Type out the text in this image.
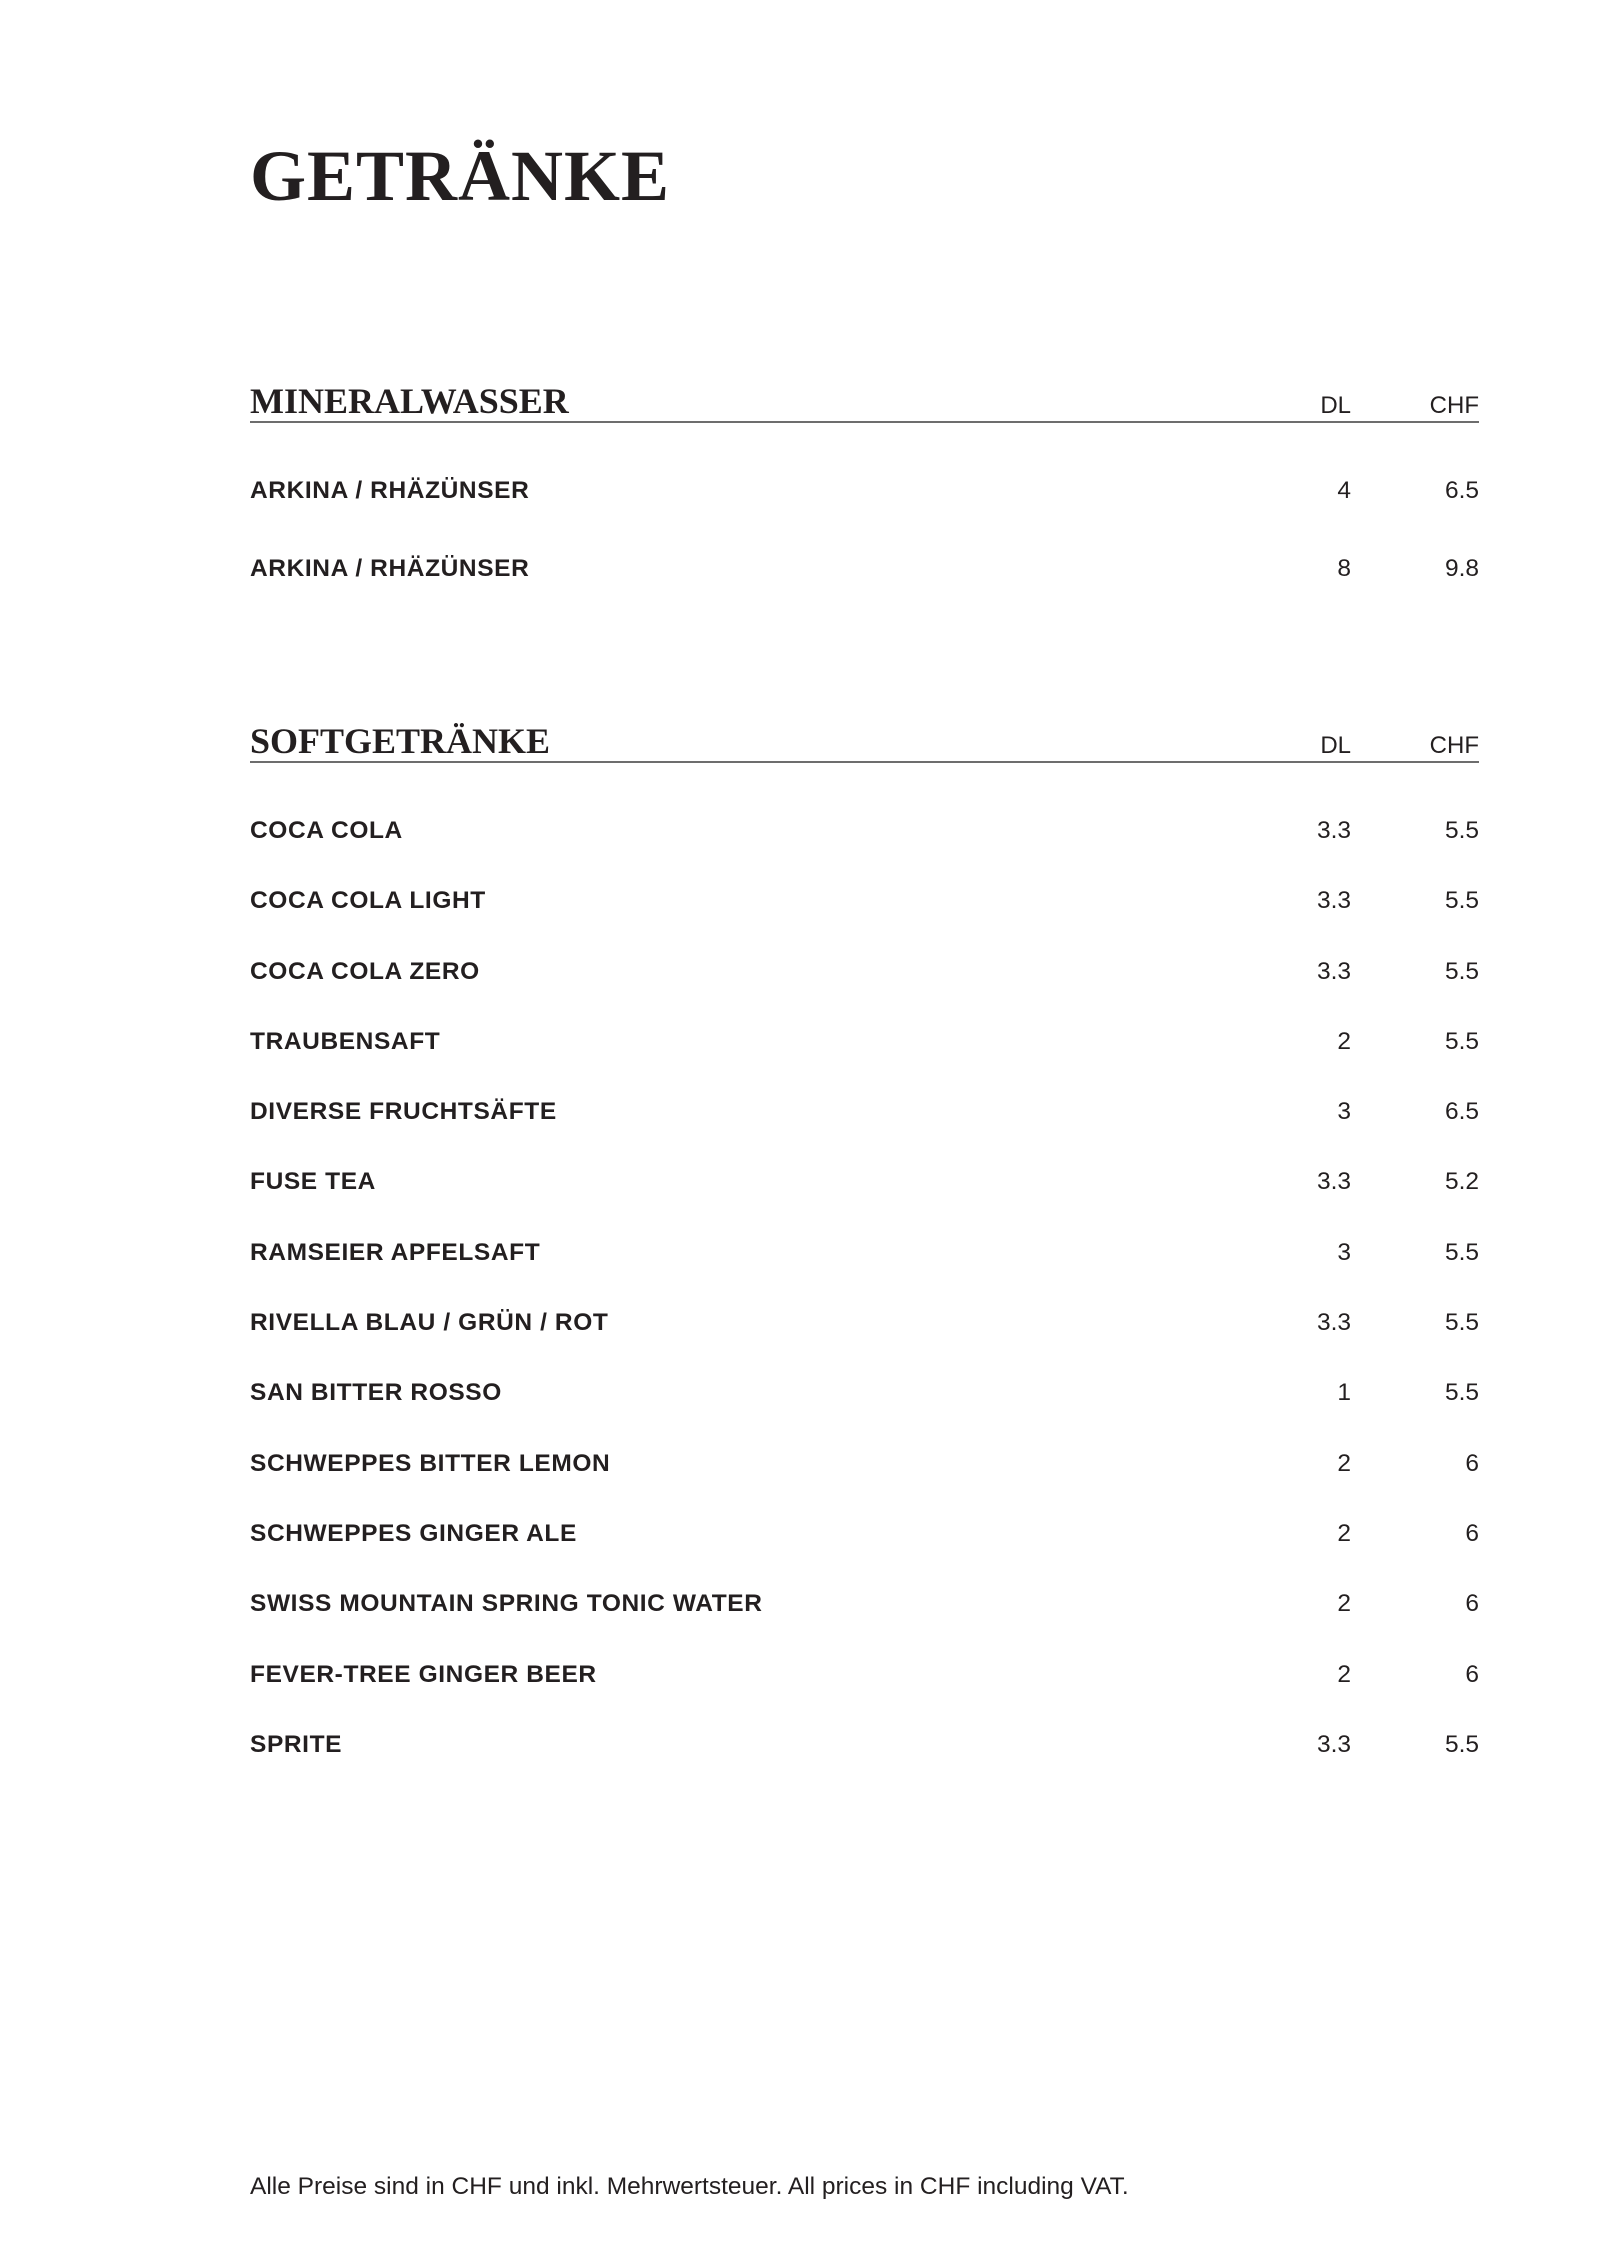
GETRÄNKE
MINERALWASSER	DL	CHF
ARKINA / RHÄZÜNSER	4	6.5
ARKINA / RHÄZÜNSER	8	9.8
SOFTGETRÄNKE	DL	CHF
COCA COLA	3.3	5.5
COCA COLA LIGHT	3.3	5.5
COCA COLA ZERO	3.3	5.5
TRAUBENSAFT	2	5.5
DIVERSE FRUCHTSÄFTE	3	6.5
FUSE TEA	3.3	5.2
RAMSEIER APFELSAFT	3	5.5
RIVELLA BLAU / GRÜN / ROT	3.3	5.5
SAN BITTER ROSSO	1	5.5
SCHWEPPES BITTER LEMON	2	6
SCHWEPPES GINGER ALE	2	6
SWISS MOUNTAIN SPRING TONIC WATER	2	6
FEVER-TREE GINGER BEER	2	6
SPRITE	3.3	5.5
Alle Preise sind in CHF und inkl. Mehrwertsteuer. All prices in CHF including VAT.
